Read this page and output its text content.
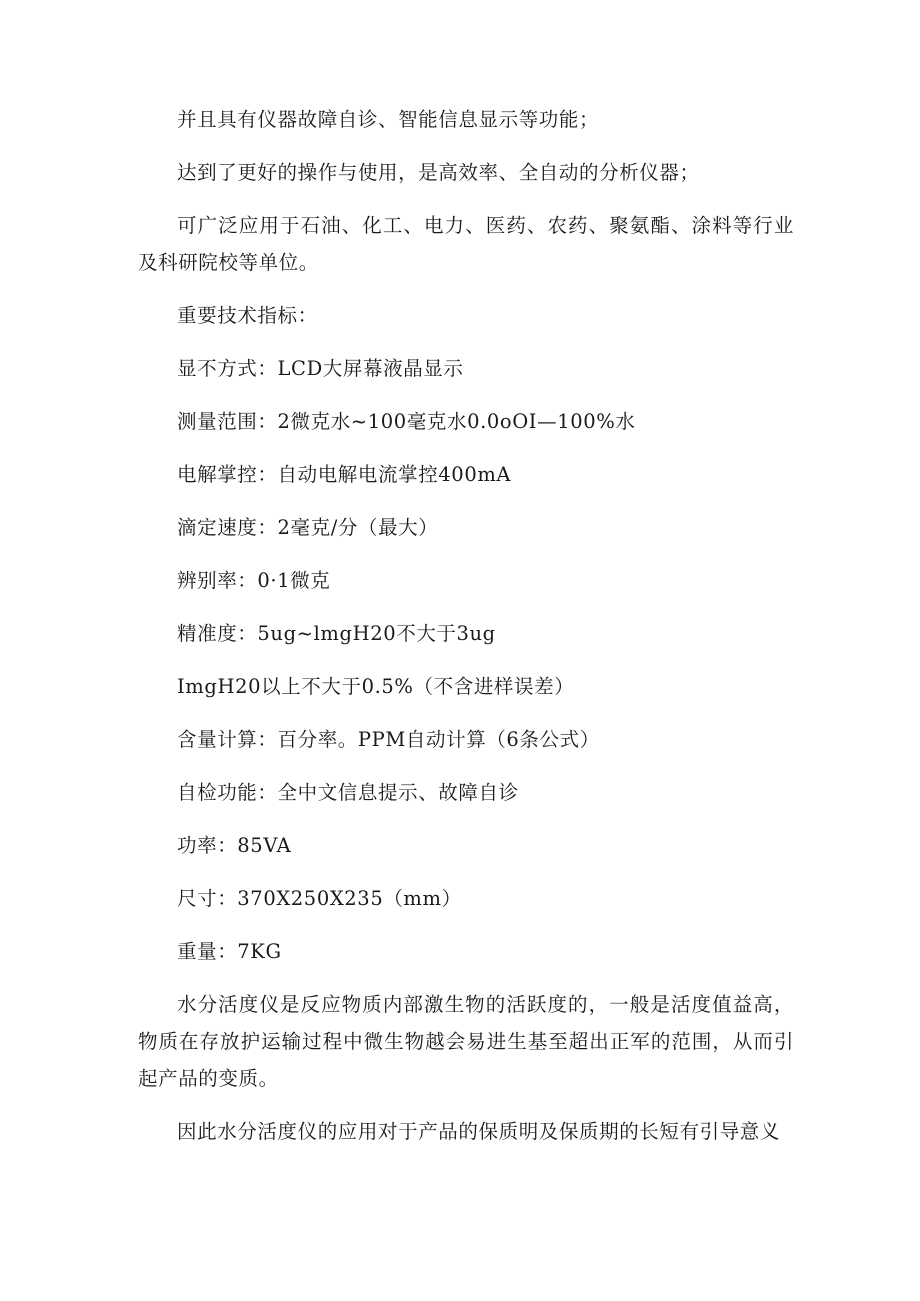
并且具有仪器故障自诊、智能信息显示等功能；

达到了更好的操作与使用，是高效率、全自动的分析仪器；

可广泛应用于石油、化工、电力、医药、农药、聚氨酯、涂料等行业及科研院校等单位。

重要技术指标：

显不方式：LCD大屏幕液晶显示

测量范围：2微克水~100毫克水0.0oOI—100%水

电解掌控：自动电解电流掌控400mA

滴定速度：2毫克/分（最大）

辨别率：0·1微克

精准度：5ug~lmgH20不大于3ug

ImgH20以上不大于0.5%（不含进样误差）

含量计算：百分率。PPM自动计算（6条公式）

自检功能：全中文信息提示、故障自诊

功率：85VA

尺寸：370X250X235（mm）

重量：7KG

水分活度仪是反应物质内部激生物的活跃度的，一般是活度值益高，物质在存放护运输过程中微生物越会易进生基至超出正军的范围，从而引起产品的变质。

因此水分活度仪的应用对于产品的保质明及保质期的长短有引导意义
